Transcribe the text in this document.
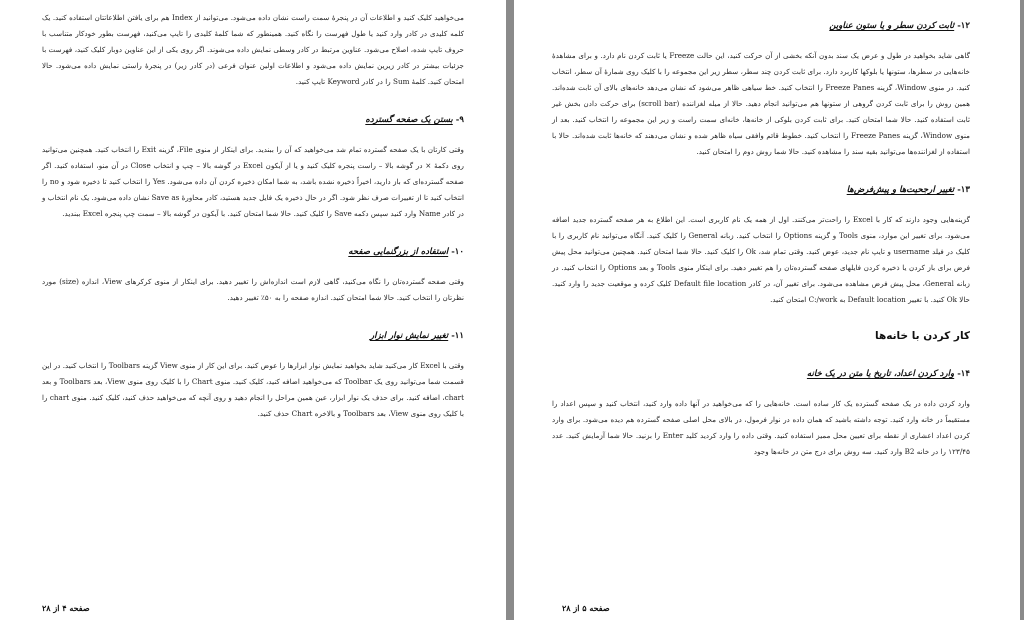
می‌خواهید کلیک کنید و اطلاعات آن در پنجرهٔ سمت راست نشان داده می‌شود. می‌توانید از Index هم برای یافتن اطلاعاتتان استفاده کنید. یک کلمه کلیدی در کادر وارد کنید یا طول فهرست را نگاه کنید. همینطور که شما کلمهٔ کلیدی را تایپ می‌کنید، فهرست بطور خودکار متناسب با حروف تایپ شده، اصلاح می‌شود. عناوین مرتبط در کادر وسطی نمایش داده می‌شوند. اگر روی یکی از این عناوین دوبار کلیک کنید، فهرست با جزئیات بیشتر در کادر زیرین نمایش داده می‌شود و اطلاعات اولین عنوان فرعی (در کادر زیر) در پنجرهٔ راستی نمایش داده می‌شود. حالا امتحان کنید. کلمهٔ Sum را در کادر Keyword تایپ کنید.

۹- بستن یک صفحه گسترده

وقتی کارتان با یک صفحه گسترده تمام شد می‌خواهید که آن را ببندید. برای اینکار از منوی File، گزینه Exit را انتخاب کنید. همچنین می‌توانید روی دکمهٔ × در گوشه بالا – راست پنجره کلیک کنید و یا از آیکون Excel در گوشه بالا – چپ و انتخاب Close در آن منو، استفاده کنید. اگر صفحه گسترده‌ای که باز دارید، اخیراً ذخیره نشده باشد، به شما امکان ذخیره کردن آن داده می‌شود. Yes را انتخاب کنید تا ذخیره شود و no را انتخاب کنید تا از تغییرات صرف نظر شود. اگر در حال ذخیره یک فایل جدید هستید، کادر محاورهٔ Save as نشان داده می‌شود. یک نام انتخاب و در کادر Name وارد کنید سپس دکمه Save را کلیک کنید. حالا شما امتحان کنید. با آیکون در گوشه بالا – سمت چپ پنجره Excel ببندید.

۱۰- استفاده از بزرگنمایی صفحه

وقتی صفحه گسترده‌تان را نگاه می‌کنید، گاهی لازم است اندازه‌اش را تغییر دهید. برای اینکار از منوی کرکرهای View، اندازه (size) مورد نظرتان را انتخاب کنید. حالا شما امتحان کنید. اندازه صفحه را به ۵۰٪ تغییر دهید.

۱۱- تغییر نمایش نوار ابزار

وقتی با Excel کار می‌کنید شاید بخواهید نمایش نوار ابزارها را عوض کنید. برای این کار از منوی View گزینه Toolbars را انتخاب کنید. در این قسمت شما می‌توانید روی یک Toolbar که می‌خواهید اضافه کنید، کلیک کنید. منوی Chart را با کلیک روی منوی View، بعد Toolbars و بعد chart، اضافه کنید. برای حذف یک نوار ابزار، عین همین مراحل را انجام دهید و روی آنچه که می‌خواهید حذف کنید، کلیک کنید. منوی chart را با کلیک روی منوی View، بعد Toolbars و بالاخره Chart حذف کنید.

صفحه ۴ از ۲۸
۱۲- ثابت کردن سطر و یا ستون عناوین

گاهی شاید بخواهید در طول و عرض یک سند بدون آنکه بخشی از آن حرکت کنید، این حالت Freeze یا ثابت کردن نام دارد. و برای مشاهدهٔ خانه‌هایی در سطرها، ستونها یا بلوکها کاربرد دارد. برای ثابت کردن چند سطر، سطر زیر این مجموعه را با کلیک روی شمارهٔ آن سطر، انتخاب کنید. در منوی Window، گزینه Freeze Panes را انتخاب کنید. خط سیاهی ظاهر می‌شود که نشان می‌دهد خانه‌های بالای آن ثابت شده‌اند. همین روش را برای ثابت کردن گروهی از ستونها هم می‌توانید انجام دهید. حالا از میله لغزاننده (scroll bar) برای حرکت دادن بخش غیر ثابت استفاده کنید. حالا شما امتحان کنید. برای ثابت کردن بلوکی از خانه‌ها، خانه‌ای سمت راست و زیر این مجموعه را انتخاب کنید. بعد از منوی Window، گزینه Freeze Panes را انتخاب کنید. خطوط قائم وافقی سیاه ظاهر شده و نشان می‌دهند که خانه‌ها ثابت شده‌اند. حالا با استفاده از لغزاننده‌ها می‌توانید بقیه سند را مشاهده کنید. حالا شما روش دوم را امتحان کنید.

۱۳- تغییر ارجحیت‌ها و پیش‌فرض‌ها

گزینه‌هایی وجود دارند که کار با Excel را راحت‌تر می‌کنند. اول از همه یک نام کاربری است. این اطلاع به هر صفحه گسترده جدید اضافه می‌شود. برای تغییر این موارد، منوی Tools و گزینه Options را انتخاب کنید. زبانه General را کلیک کنید. آنگاه می‌توانید نام کاربری را با کلیک در فیلد username و تایپ نام جدید، عوض کنید. وقتی تمام شد، Ok را کلیک کنید. حالا شما امتحان کنید. همچنین می‌توانید محل پیش فرض برای باز کردن یا ذخیره کردن فایلهای صفحه گسترده‌تان را هم تغییر دهید. برای اینکار منوی Tools و بعد Options را انتخاب کنید. در زبانه General، محل پیش فرض مشاهده می‌شود. برای تغییر آن، در کادر Default file location کلیک کرده و موقعیت جدید را وارد کنید. حالا Ok کنید. با تغییر Default location به C:/work امتحان کنید.

کار کردن با خانه‌ها
۱۴- وارد کردن اعداد، تاریخ یا متن در یک خانه

وارد کردن داده در یک صفحه گسترده یک کار ساده است. خانه‌هایی را که می‌خواهید در آنها داده وارد کنید، انتخاب کنید و سپس اعداد را مستقیماً در خانه وارد کنید. توجه داشته باشید که همان داده در نوار فرمول، در بالای محل اصلی صفحه گسترده هم دیده می‌شود. برای وارد کردن اعداد اعشاری از نقطه برای تعیین محل ممیز استفاده کنید. وقتی داده را وارد کردید کلید Enter را بزنید. حالا شما آزمایش کنید. عدد ۱۲۳/۴۵ را در خانه B2 وارد کنید. سه روش برای درج متن در خانه‌ها وجود

صفحه ۵ از ۲۸
